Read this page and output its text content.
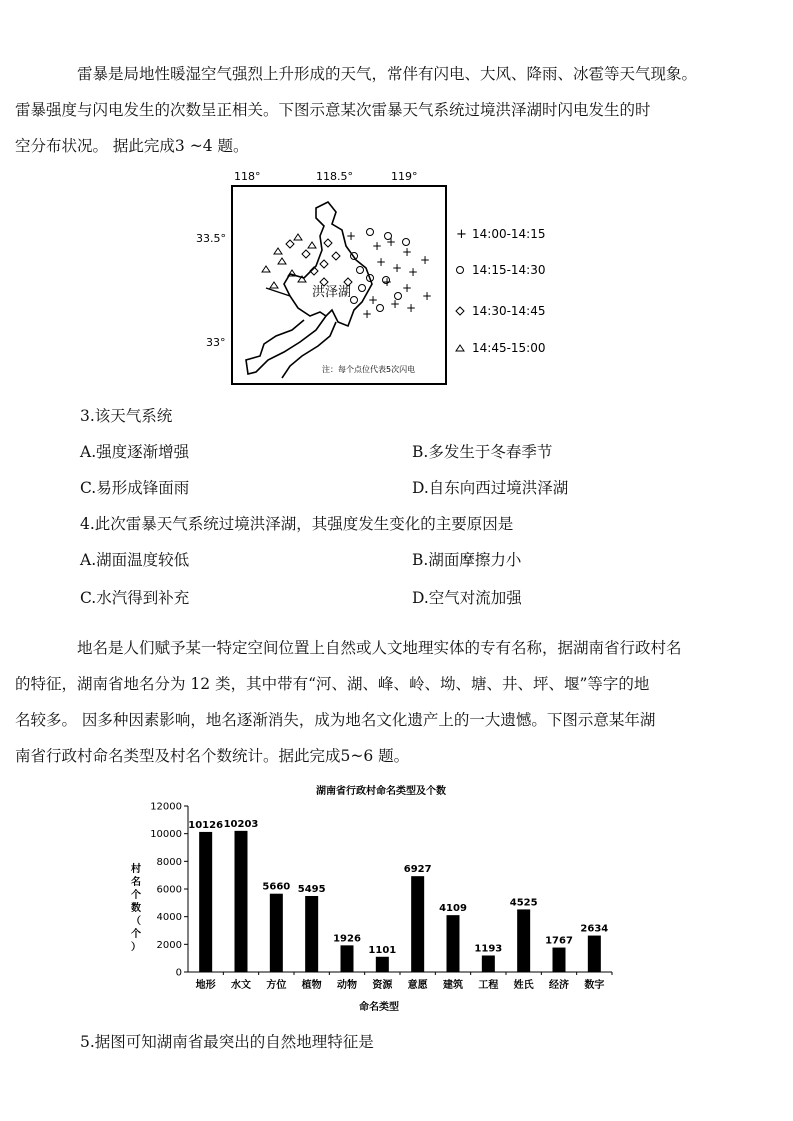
雷暴是局地性暖湿空气强烈上升形成的天气，常伴有闪电、大风、降雨、冰雹等天气现象。
雷暴强度与闪电发生的次数呈正相关。下图示意某次雷暴天气系统过境洪泽湖时闪电发生的时
空分布状况。 据此完成3 ~4 题。
118°	118.5°	119°
33.5°
33°
洪泽湖
+
+ +
+
+ + +
+
+ +
+
+ + +
+
注：每个点位代表5次闪电
+ 14:00-14:15
14:15-14:30
14:30-14:45
14:45-15:00

3.该天气系统

A.强度逐渐增强	B.多发生于冬春季节

C.易形成锋面雨	D.自东向西过境洪泽湖

4.此次雷暴天气系统过境洪泽湖，其强度发生变化的主要原因是

A.湖面温度较低	B.湖面摩擦力小

C.水汽得到补充	D.空气对流加强

地名是人们赋予某一特定空间位置上自然或人文地理实体的专有名称，据湖南省行政村名
的特征，湖南省地名分为 12 类，其中带有“河、湖、峰、岭、坳、塘、井、坪、堰”等字的地
名较多。 因多种因素影响，地名逐渐消失，成为地名文化遗产上的一大遗憾。下图示意某年湖
南省行政村命名类型及村名个数统计。据此完成5~6 题。
湖南省行政村命名类型及个数
命名类型
村
名
个
数
（
个
）
0
2000
4000
6000
8000
10000
12000
地形 水文 方位 植物 动物 资源 意愿 建筑 工程 姓氏 经济 数字
10126 10203
5660 5495
1926
1101
6927
4109
1193
4525
1767
2634

5.据图可知湖南省最突出的自然地理特征是
